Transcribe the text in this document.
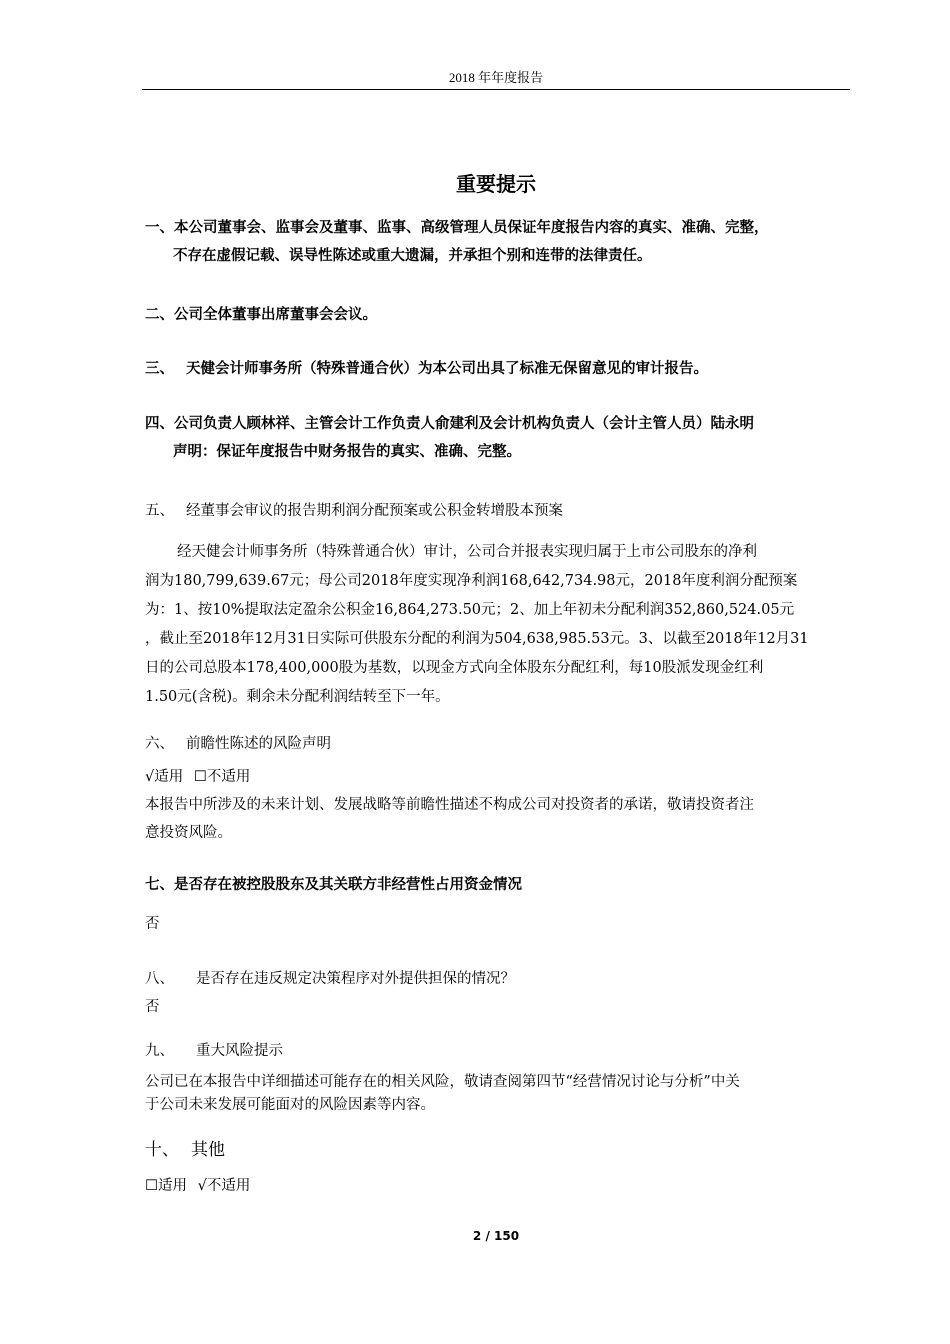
2018 年年度报告
重要提示
一、本公司董事会、监事会及董事、监事、高级管理人员保证年度报告内容的真实、准确、完整，
不存在虚假记载、误导性陈述或重大遗漏，并承担个别和连带的法律责任。
二、公司全体董事出席董事会会议。
三、 天健会计师事务所（特殊普通合伙）为本公司出具了标准无保留意见的审计报告。
四、公司负责人顾林祥、主管会计工作负责人俞建利及会计机构负责人（会计主管人员）陆永明
声明：保证年度报告中财务报告的真实、准确、完整。
五、 经董事会审议的报告期利润分配预案或公积金转增股本预案
经天健会计师事务所（特殊普通合伙）审计，公司合并报表实现归属于上市公司股东的净利
润为180,799,639.67元；母公司2018年度实现净利润168,642,734.98元，2018年度利润分配预案
为：1、按10%提取法定盈余公积金16,864,273.50元；2、加上年初未分配利润352,860,524.05元
，截止至2018年12月31日实际可供股东分配的利润为504,638,985.53元。3、以截至2018年12月31
日的公司总股本178,400,000股为基数，以现金方式向全体股东分配红利，每10股派发现金红利
1.50元(含税)。剩余未分配利润结转至下一年。
六、 前瞻性陈述的风险声明
√适用 ☐不适用
本报告中所涉及的未来计划、发展战略等前瞻性描述不构成公司对投资者的承诺，敬请投资者注
意投资风险。
七、是否存在被控股股东及其关联方非经营性占用资金情况
否
八、 是否存在违反规定决策程序对外提供担保的情况？
否
九、 重大风险提示
公司已在本报告中详细描述可能存在的相关风险，敬请查阅第四节“经营情况讨论与分析”中关
于公司未来发展可能面对的风险因素等内容。
十、 其他
☐适用 √不适用
2 / 150
